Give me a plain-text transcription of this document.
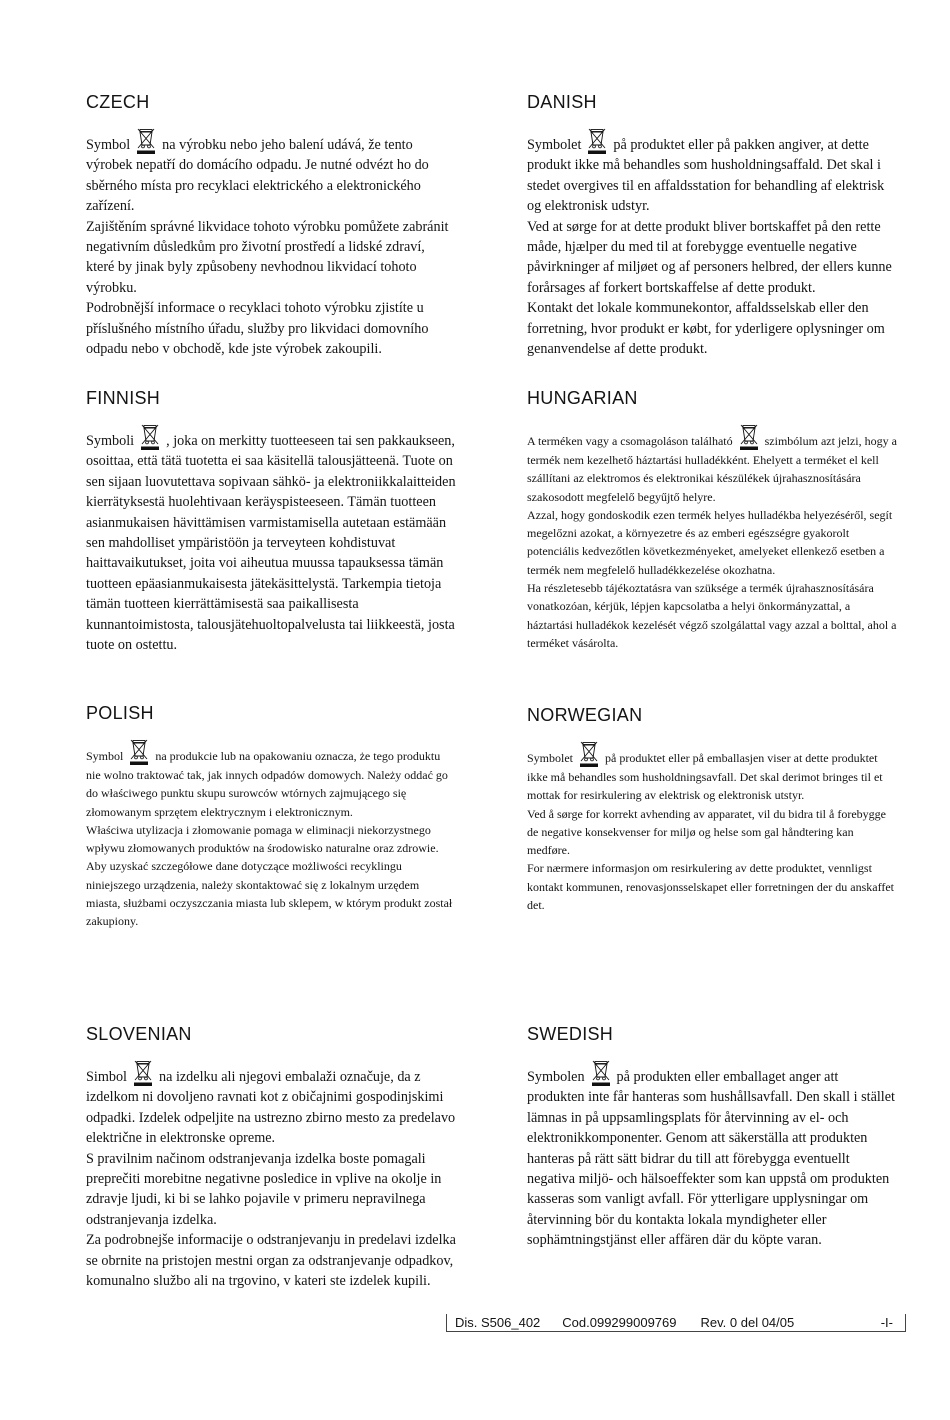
CZECH

Symbol na výrobku nebo jeho balení udává, že tento výrobek nepatří do domácího odpadu. Je nutné odvézt ho do sběrného místa pro recyklaci elektrického a elektronického zařízení.

Zajištěním správné likvidace tohoto výrobku pomůžete zabránit negativním důsledkům pro životní prostředí a lidské zdraví, které by jinak byly způsobeny nevhodnou likvidací tohoto výrobku.

Podrobnější informace o recyklaci tohoto výrobku zjistíte u příslušného místního úřadu, služby pro likvidaci domovního odpadu nebo v obchodě, kde jste výrobek zakoupili.

DANISH

Symbolet på produktet eller på pakken angiver, at dette produkt ikke må behandles som husholdningsaffald. Det skal i stedet overgives til en affaldsstation for behandling af elektrisk og elektronisk udstyr.

Ved at sørge for at dette produkt bliver bortskaffet på den rette måde, hjælper du med til at forebygge eventuelle negative påvirkninger af miljøet og af personers helbred, der ellers kunne forårsages af forkert bortskaffelse af dette produkt.

Kontakt det lokale kommunekontor, affaldsselskab eller den forretning, hvor produkt er købt, for yderligere oplysninger om genanvendelse af dette produkt.

FINNISH

Symboli , joka on merkitty tuotteeseen tai sen pakkaukseen, osoittaa, että tätä tuotetta ei saa käsitellä talousjätteenä. Tuote on sen sijaan luovutettava sopivaan sähkö- ja elektroniikkalaitteiden kierrätyksestä huolehtivaan keräyspisteeseen. Tämän tuotteen asianmukaisen hävittämisen varmistamisella autetaan estämään sen mahdolliset ympäristöön ja terveyteen kohdistuvat haittavaikutukset, joita voi aiheutua muussa tapauksessa tämän tuotteen epäasianmukaisesta jätekäsittelystä. Tarkempia tietoja tämän tuotteen kierrättämisestä saa paikallisesta kunnantoimistosta, talousjätehuoltopalvelusta tai liikkeestä, josta tuote on ostettu.

HUNGARIAN

A terméken vagy a csomagoláson található	szimbólum azt jelzi, hogy a termék nem kezelhető háztartási hulladékként. Ehelyett a terméket el kell szállítani az elektromos és elektronikai készülékek újrahasznosítására szakosodott megfelelő begyűjtő helyre.

Azzal, hogy gondoskodik ezen termék helyes hulladékba helyezéséről, segít megelőzni azokat, a környezetre és az emberi egészségre gyakorolt potenciális kedvezőtlen következményeket, amelyeket ellenkező esetben a termék nem megfelelő hulladékkezelése okozhatna.

Ha részletesebb tájékoztatásra van szüksége a termék újrahasznosítására vonatkozóan, kérjük, lépjen kapcsolatba a helyi önkormányzattal, a háztartási hulladékok kezelését végző szolgálattal vagy azzal a bolttal, ahol a terméket vásárolta.

POLISH

Symbol	na produkcie lub na opakowaniu oznacza, że tego produktu nie wolno traktować tak, jak innych odpadów domowych. Należy oddać go do właściwego punktu skupu surowców wtórnych zajmującego się złomowanym sprzętem elektrycznym i elektronicznym.

Właściwa utylizacja i złomowanie pomaga w eliminacji niekorzystnego wpływu złomowanych produktów na środowisko naturalne oraz zdrowie.

Aby uzyskać szczegółowe dane dotyczące możliwości recyklingu niniejszego urządzenia, należy skontaktować się z lokalnym urzędem miasta, służbami oczyszczania miasta lub sklepem, w którym produkt został zakupiony.

NORWEGIAN

Symbolet	på produktet eller på emballasjen viser at dette produktet ikke må behandles som husholdningsavfall. Det skal derimot bringes til et mottak for resirkulering av elektrisk og elektronisk utstyr.

Ved å sørge for korrekt avhending av apparatet, vil du bidra til å forebygge de negative konsekvenser for miljø og helse som gal håndtering kan medføre.

For nærmere informasjon om resirkulering av dette produktet, vennligst kontakt kommunen, renovasjonsselskapet eller forretningen der du anskaffet det.

SLOVENIAN

Simbol na izdelku ali njegovi embalaži označuje, da z izdelkom ni dovoljeno ravnati kot z običajnimi gospodinjskimi odpadki. Izdelek odpeljite na ustrezno zbirno mesto za predelavo električne in elektronske opreme.

S pravilnim načinom odstranjevanja izdelka boste pomagali preprečiti morebitne negativne posledice in vplive na okolje in zdravje ljudi, ki bi se lahko pojavile v primeru nepravilnega odstranjevanja izdelka.

Za podrobnejše informacije o odstranjevanju in predelavi izdelka se obrnite na pristojen mestni organ za odstranjevanje odpadkov, komunalno službo ali na trgovino, v kateri ste izdelek kupili.

SWEDISH

Symbolen på produkten eller emballaget anger att produkten inte får hanteras som hushållsavfall. Den skall i stället lämnas in på uppsamlingsplats för återvinning av el- och elektronikkomponenter. Genom att säkerställa att produkten hanteras på rätt sätt bidrar du till att förebygga eventuellt negativa miljö- och hälsoeffekter som kan uppstå om produkten kasseras som vanligt avfall. För ytterligare upplysningar om återvinning bör du kontakta lokala myndigheter eller sophämtningstjänst eller affären där du köpte varan.

Dis. S506_402	Cod.099299009769	Rev. 0 del 04/05	-I-
